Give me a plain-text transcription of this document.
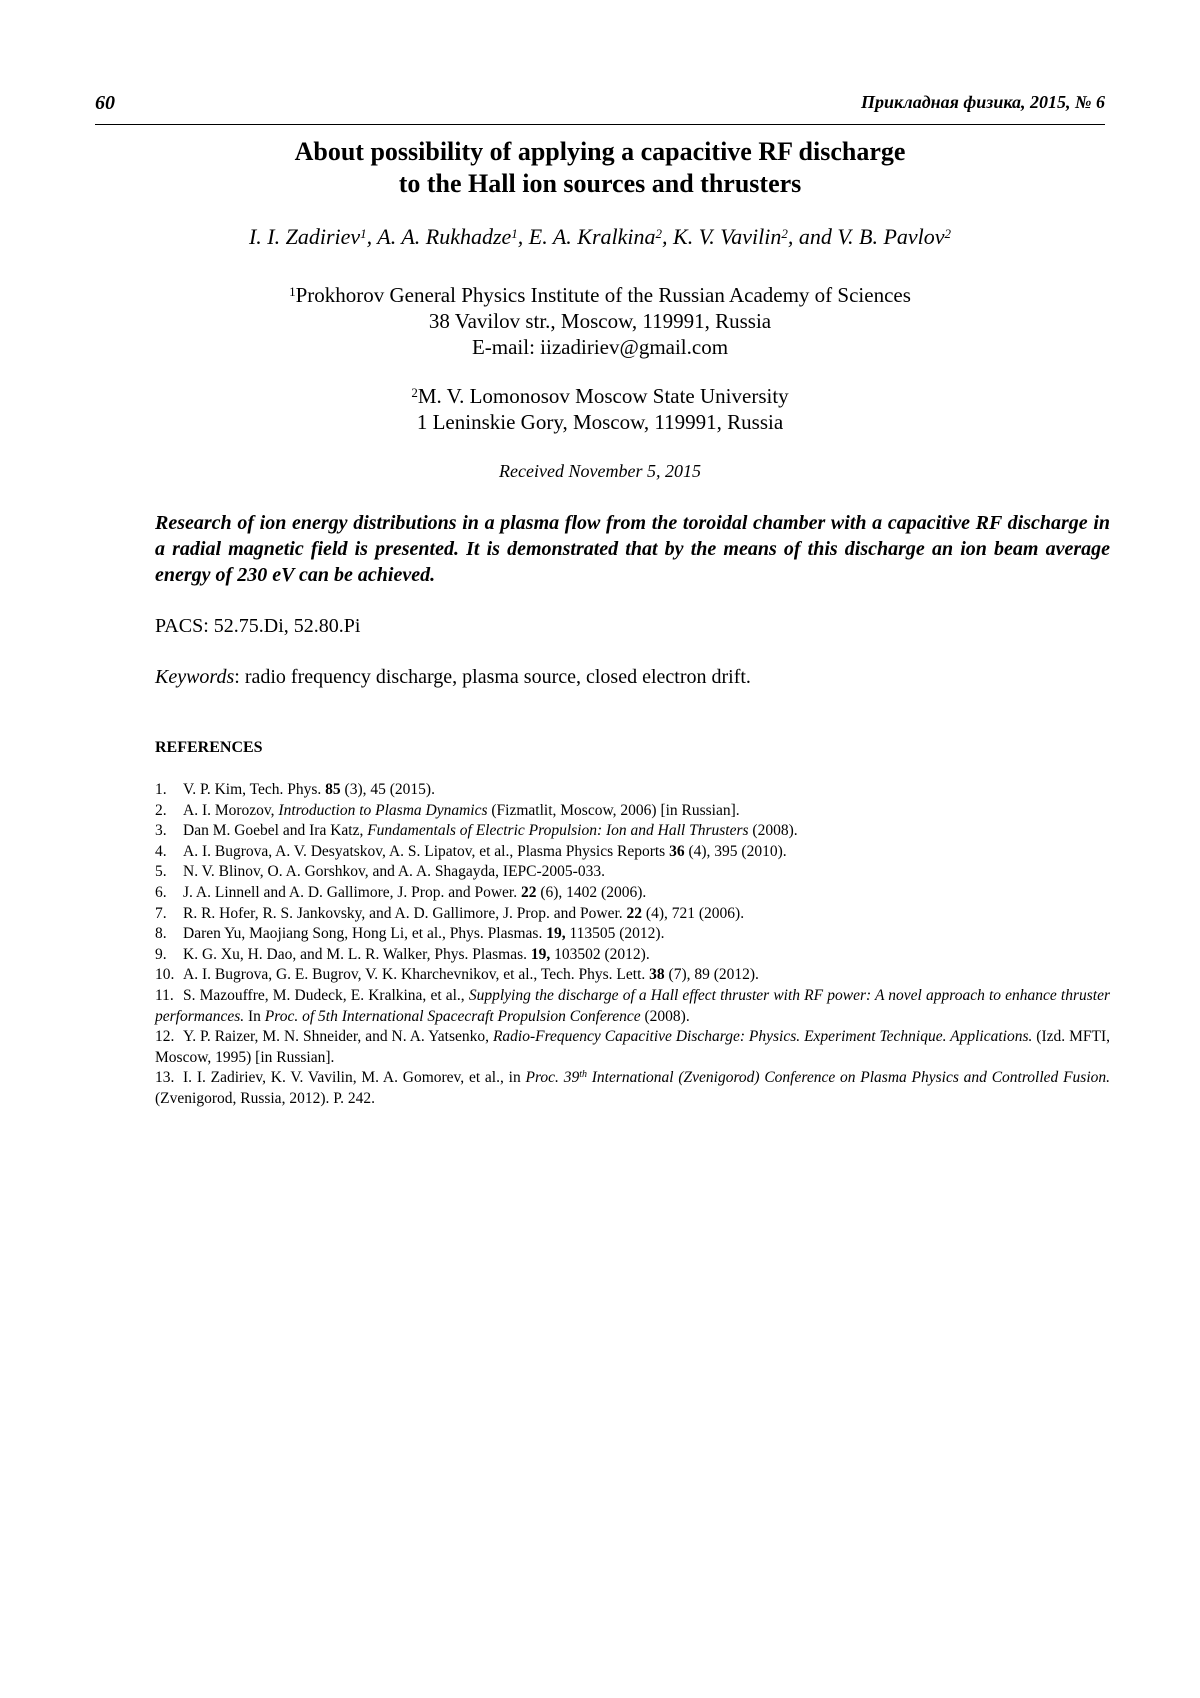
60	Прикладная физика, 2015, № 6
About possibility of applying a capacitive RF discharge
to the Hall ion sources and thrusters
I. I. Zadiriev$^1$, A. A. Rukhadze$^1$, E. A. Kralkina$^2$, K. V. Vavilin$^2$, and V. B. Pavlov$^2$
$^1$Prokhorov General Physics Institute of the Russian Academy of Sciences
38 Vavilov str., Moscow, 119991, Russia
E-mail: iizadiriev@gmail.com
$^2$M. V. Lomonosov Moscow State University
1 Leninskie Gory, Moscow, 119991, Russia
Received November 5, 2015
Research of ion energy distributions in a plasma flow from the toroidal chamber with a capacitive RF discharge in a radial magnetic field is presented. It is demonstrated that by the means of this discharge an ion beam average energy of 230 eV can be achieved.
PACS: 52.75.Di, 52.80.Pi
Keywords: radio frequency discharge, plasma source, closed electron drift.
REFERENCES
1. V. P. Kim, Tech. Phys. 85 (3), 45 (2015).
2. A. I. Morozov, Introduction to Plasma Dynamics (Fizmatlit, Moscow, 2006) [in Russian].
3. Dan M. Goebel and Ira Katz, Fundamentals of Electric Propulsion: Ion and Hall Thrusters (2008).
4. A. I. Bugrova, A. V. Desyatskov, A. S. Lipatov, et al., Plasma Physics Reports 36 (4), 395 (2010).
5. N. V. Blinov, O. A. Gorshkov, and A. A. Shagayda, IEPC-2005-033.
6. J. A. Linnell and A. D. Gallimore, J. Prop. and Power. 22 (6), 1402 (2006).
7. R. R. Hofer, R. S. Jankovsky, and A. D. Gallimore, J. Prop. and Power. 22 (4), 721 (2006).
8. Daren Yu, Maojiang Song, Hong Li, et al., Phys. Plasmas. 19, 113505 (2012).
9. K. G. Xu, H. Dao, and M. L. R. Walker, Phys. Plasmas. 19, 103502 (2012).
10. A. I. Bugrova, G. E. Bugrov, V. K. Kharchevnikov, et al., Tech. Phys. Lett. 38 (7), 89 (2012).
11. S. Mazouffre, M. Dudeck, E. Kralkina, et al., Supplying the discharge of a Hall effect thruster with RF power: A novel approach to enhance thruster performances. In Proc. of 5th International Spacecraft Propulsion Conference (2008).
12. Y. P. Raizer, M. N. Shneider, and N. A. Yatsenko, Radio-Frequency Capacitive Discharge: Physics. Experiment Technique. Applications. (Izd. MFTI, Moscow, 1995) [in Russian].
13. I. I. Zadiriev, K. V. Vavilin, M. A. Gomorev, et al., in Proc. 39th International (Zvenigorod) Conference on Plasma Physics and Controlled Fusion. (Zvenigorod, Russia, 2012). P. 242.
